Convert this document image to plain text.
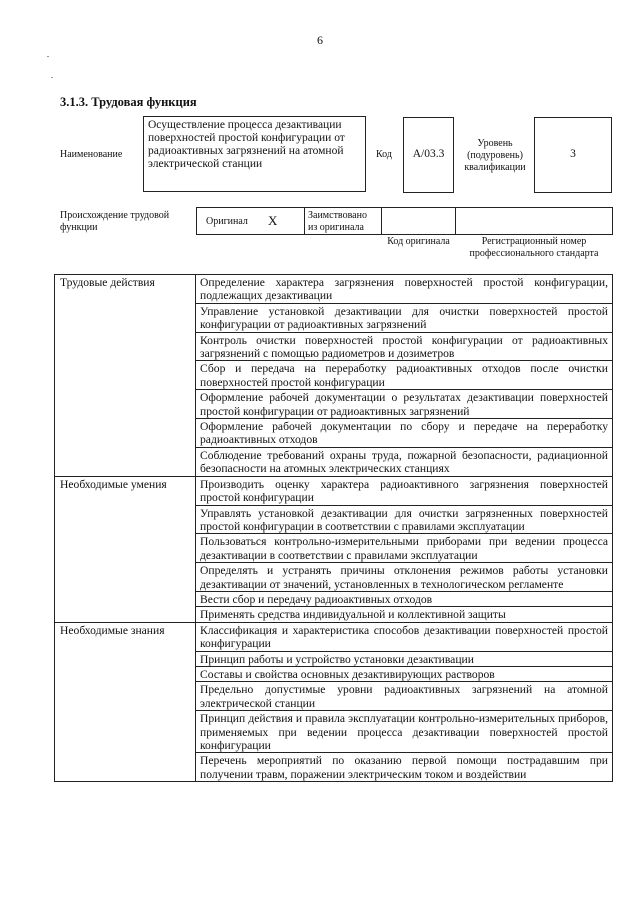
6
3.1.3. Трудовая функция
Наименование
Осуществление процесса дезактивации поверхностей простой конфигурации от радиоактивных загрязнений на атомной электрической станции
Код	A/03.3
Уровень (подуровень) квалификации
3
Происхождение трудовой функции
Оригинал X	Заимствовано из оригинала
Код оригинала	Регистрационный номер профессионального стандарта
Трудовые действия	Определение характера загрязнения поверхностей простой конфигурации, подлежащих дезактивации
	Управление установкой дезактивации для очистки поверхностей простой конфигурации от радиоактивных загрязнений
	Контроль очистки поверхностей простой конфигурации от радиоактивных загрязнений с помощью радиометров и дозиметров
	Сбор и передача на переработку радиоактивных отходов после очистки поверхностей простой конфигурации
	Оформление рабочей документации о результатах дезактивации поверхностей простой конфигурации от радиоактивных загрязнений
	Оформление рабочей документации по сбору и передаче на переработку радиоактивных отходов
	Соблюдение требований охраны труда, пожарной безопасности, радиационной безопасности на атомных электрических станциях
Необходимые умения	Производить оценку характера радиоактивного загрязнения поверхностей простой конфигурации
	Управлять установкой дезактивации для очистки загрязненных поверхностей простой конфигурации в соответствии с правилами эксплуатации
	Пользоваться контрольно-измерительными приборами при ведении процесса дезактивации в соответствии с правилами эксплуатации
	Определять и устранять причины отклонения режимов работы установки дезактивации от значений, установленных в технологическом регламенте
	Вести сбор и передачу радиоактивных отходов
	Применять средства индивидуальной и коллективной защиты
Необходимые знания	Классификация и характеристика способов дезактивации поверхностей простой конфигурации
	Принцип работы и устройство установки дезактивации
	Составы и свойства основных дезактивирующих растворов
	Предельно допустимые уровни радиоактивных загрязнений на атомной электрической станции
	Принцип действия и правила эксплуатации контрольно-измерительных приборов, применяемых при ведении процесса дезактивации поверхностей простой конфигурации
	Перечень мероприятий по оказанию первой помощи пострадавшим при получении травм, поражении электрическим током и воздействии
